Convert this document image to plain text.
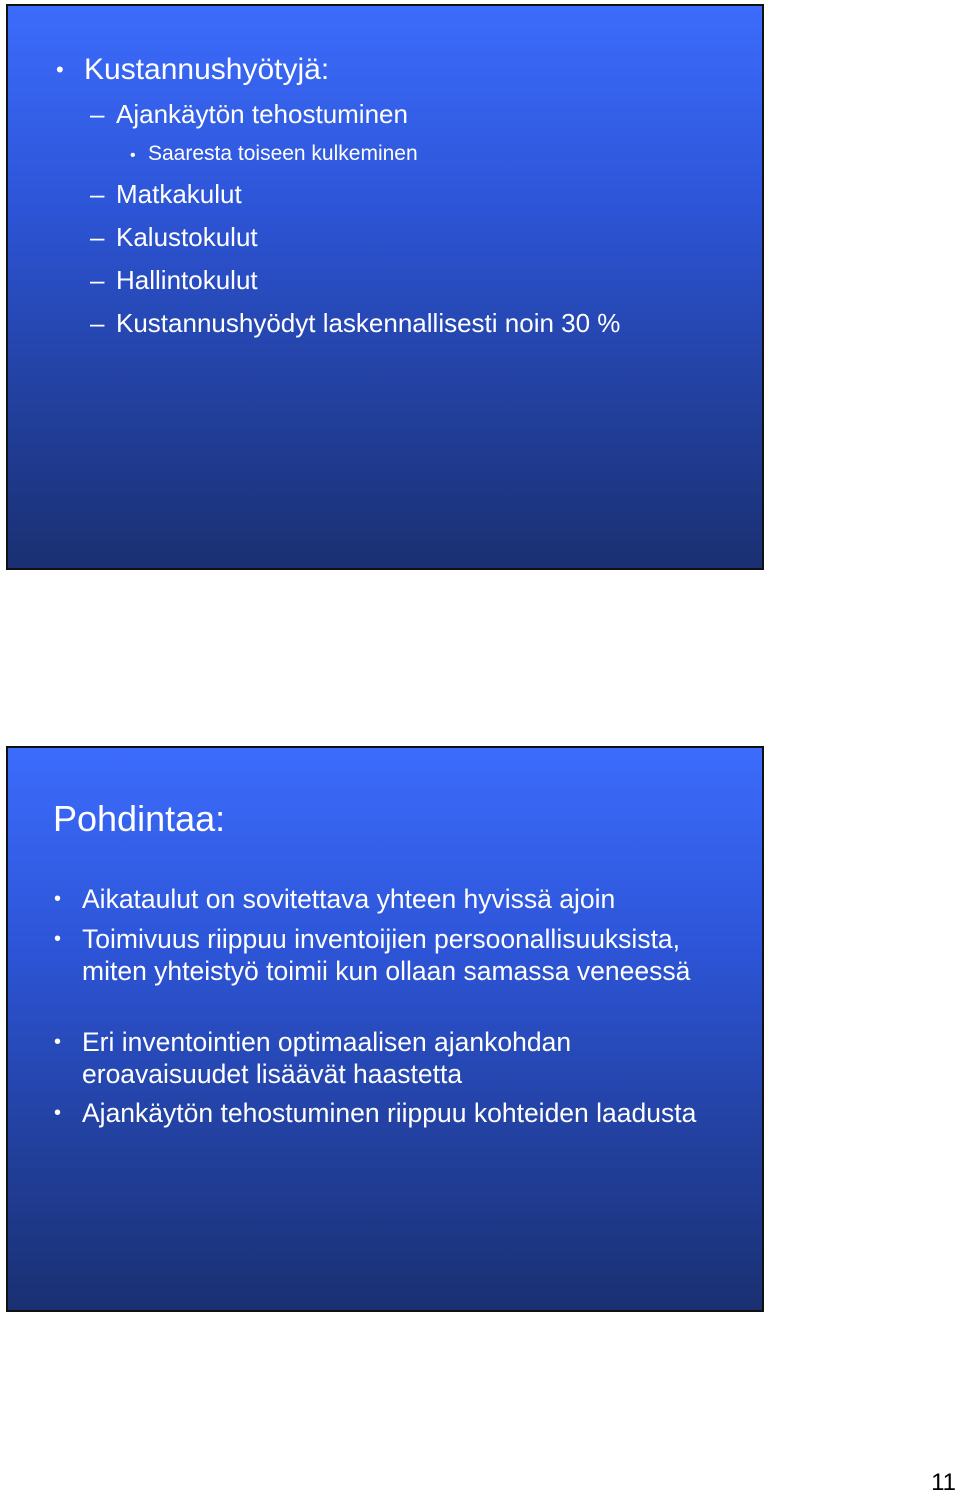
• Kustannushyötyjä:
– Ajankäytön tehostuminen
• Saaresta toiseen kulkeminen
– Matkakulut
– Kalustokulut
– Hallintokulut
– Kustannushyödyt laskennallisesti noin 30 %
Pohdintaa:
• Aikataulut on sovitettava yhteen hyvissä ajoin
• Toimivuus riippuu inventoijien persoonallisuuksista, miten yhteistyö toimii kun ollaan samassa veneessä
• Eri inventointien optimaalisen ajankohdan eroavaisuudet lisäävät haastetta
• Ajankäytön tehostuminen riippuu kohteiden laadusta
11
